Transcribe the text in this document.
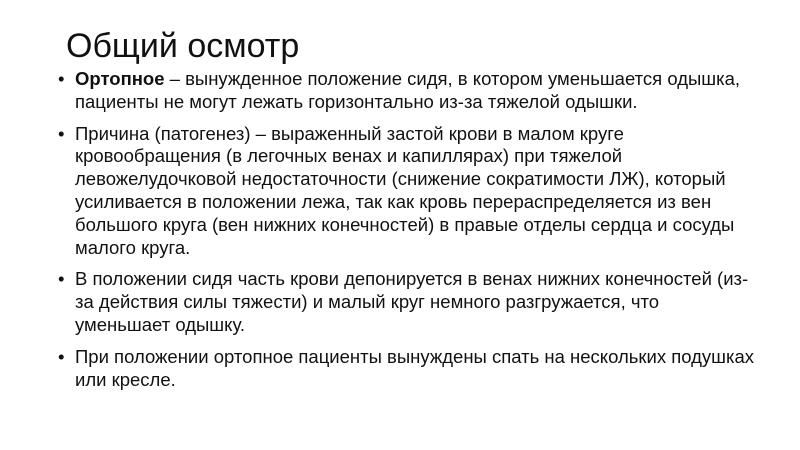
Общий осмотр
• Ортопное – вынужденное положение сидя, в котором уменьшается одышка, пациенты не могут лежать горизонтально из-за тяжелой одышки.
• Причина (патогенез) – выраженный застой крови в малом круге кровообращения (в легочных венах и капиллярах) при тяжелой левожелудочковой недостаточности (снижение сократимости ЛЖ), который усиливается в положении лежа, так как кровь перераспределяется из вен большого круга (вен нижних конечностей) в правые отделы сердца и сосуды малого круга.
• В положении сидя часть крови депонируется в венах нижних конечностей (из-за действия силы тяжести) и малый круг немного разгружается, что уменьшает одышку.
• При положении ортопное пациенты вынуждены спать на нескольких подушках или кресле.
